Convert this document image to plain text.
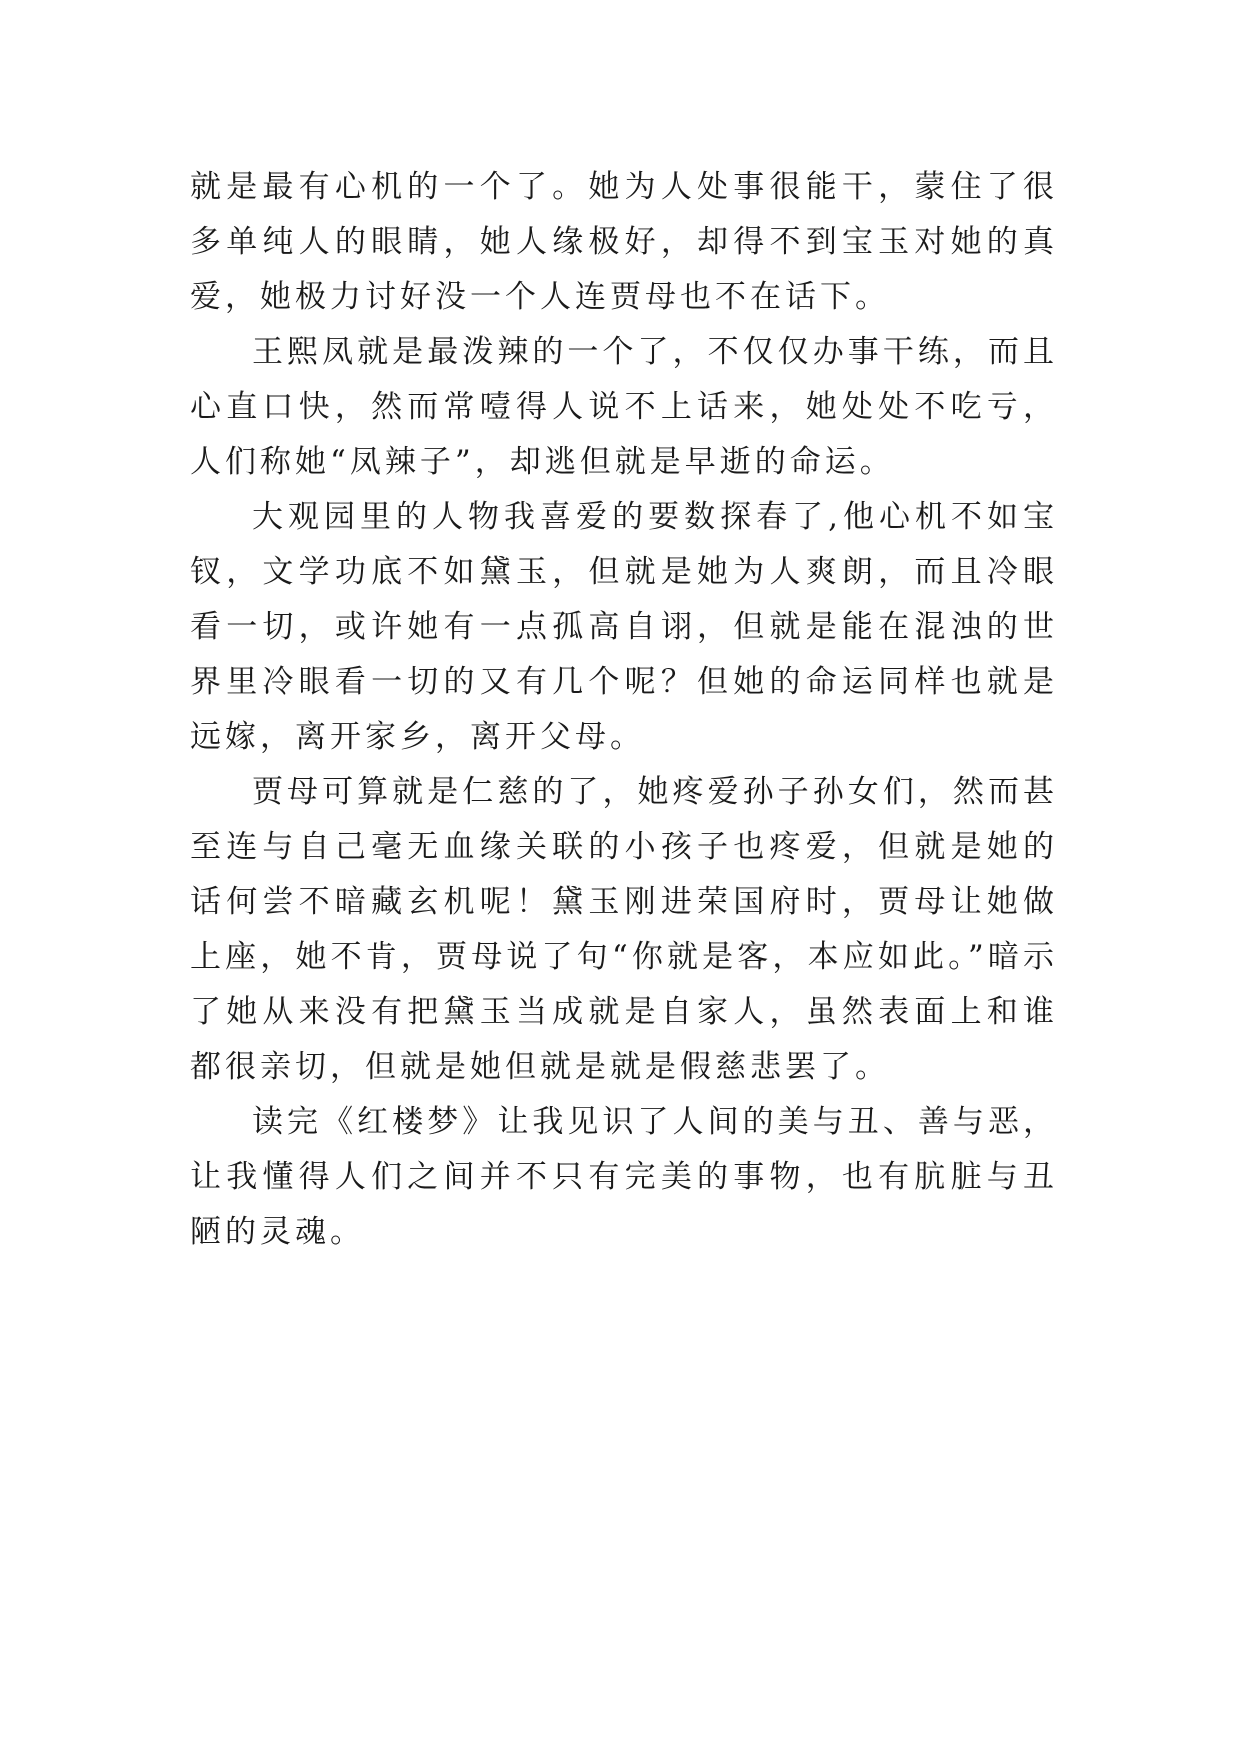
就是最有心机的一个了。她为人处事很能干，蒙住了很多单纯人的眼睛，她人缘极好，却得不到宝玉对她的真爱，她极力讨好没一个人连贾母也不在话下。

王熙凤就是最泼辣的一个了，不仅仅办事干练，而且心直口快，然而常噎得人说不上话来，她处处不吃亏，人们称她“凤辣子”，却逃但就是早逝的命运。

大观园里的人物我喜爱的要数探春了,他心机不如宝钗，文学功底不如黛玉，但就是她为人爽朗，而且冷眼看一切，或许她有一点孤高自诩，但就是能在混浊的世界里冷眼看一切的又有几个呢？但她的命运同样也就是远嫁，离开家乡，离开父母。

贾母可算就是仁慈的了，她疼爱孙子孙女们，然而甚至连与自己毫无血缘关联的小孩子也疼爱，但就是她的话何尝不暗藏玄机呢！黛玉刚进荣国府时，贾母让她做上座，她不肯，贾母说了句“你就是客，本应如此。”暗示了她从来没有把黛玉当成就是自家人，虽然表面上和谁都很亲切，但就是她但就是就是假慈悲罢了。

读完《红楼梦》让我见识了人间的美与丑、善与恶，让我懂得人们之间并不只有完美的事物，也有肮脏与丑陋的灵魂。
